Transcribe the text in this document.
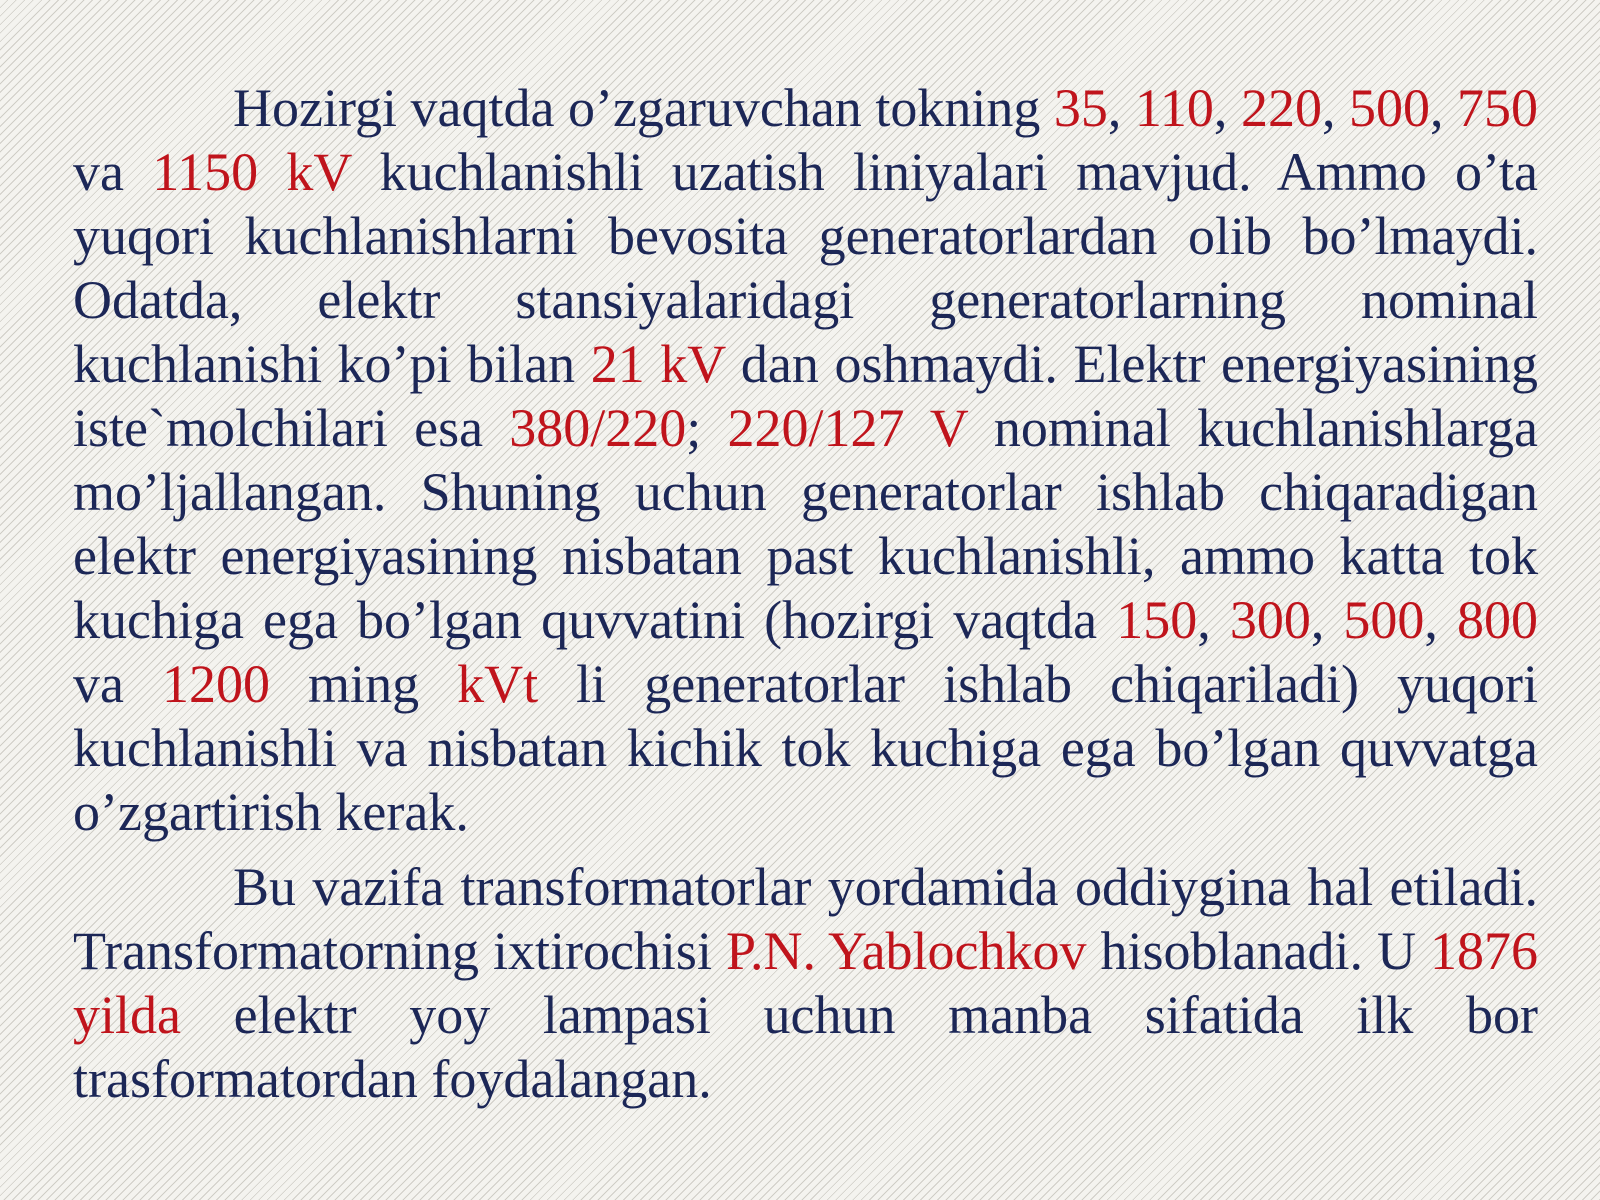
Hozirgi vaqtda o’zgaruvchan tokning 35, 110, 220, 500, 750 va 1150 kV kuchlanishli uzatish liniyalari mavjud. Ammo o’ta yuqori kuchlanishlarni bevosita generatorlardan olib bo’lmaydi. Odatda, elektr stansiyalaridagi generatorlarning nominal kuchlanishi ko’pi bilan 21 kV dan oshmaydi. Elektr energiyasining iste`molchilari esa 380/220; 220/127 V nominal kuchlanishlarga mo’ljallangan. Shuning uchun generatorlar ishlab chiqaradigan elektr energiyasining nisbatan past kuchlanishli, ammo katta tok kuchiga ega bo’lgan quvvatini (hozirgi vaqtda 150, 300, 500, 800 va 1200 ming kVt li generatorlar ishlab chiqariladi) yuqori kuchlanishli va nisbatan kichik tok kuchiga ega bo’lgan quvvatga o’zgartirish kerak.

Bu vazifa transformatorlar yordamida oddiygina hal etiladi. Transformatorning ixtirochisi P.N. Yablochkov hisoblanadi. U 1876 yilda elektr yoy lampasi uchun manba sifatida ilk bor trasformatordan foydalangan.
